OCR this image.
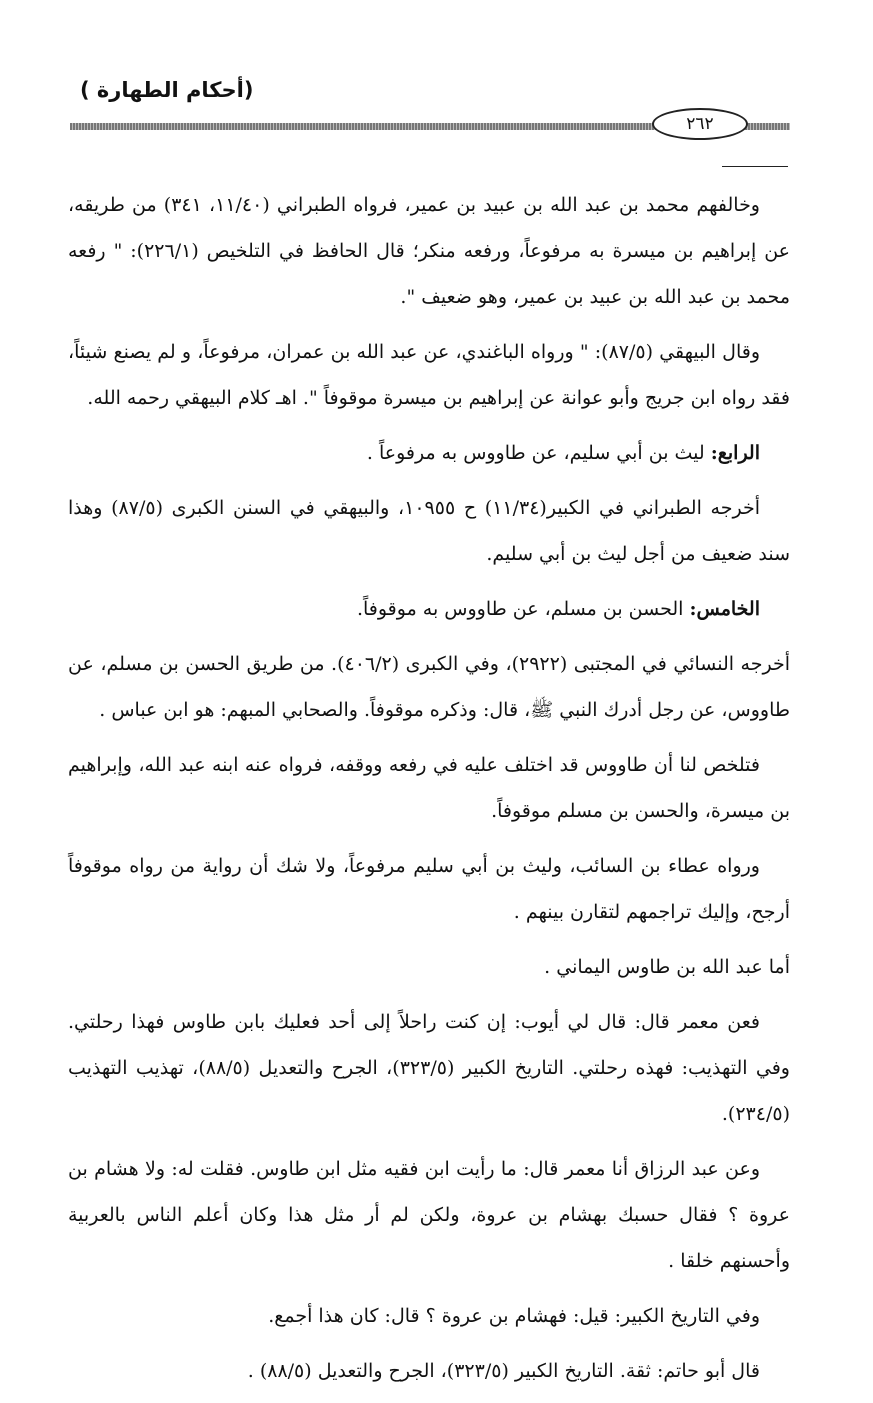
(أحكام الطهارة )
٢٦٢

وخالفهم محمد بن عبد الله بن عبيد بن عمير، فرواه الطبراني (١١/٤٠، ٣٤١) من طريقه، عن إبراهيم بن ميسرة به مرفوعاً، ورفعه منكر؛ قال الحافظ في التلخيص (٢٢٦/١): " رفعه محمد بن عبد الله بن عبيد بن عمير، وهو ضعيف ".

وقال البيهقي (٨٧/٥): " ورواه الباغندي، عن عبد الله بن عمران، مرفوعاً، و لم يصنع شيئاً، فقد رواه ابن جريج وأبو عوانة عن إبراهيم بن ميسرة موقوفاً ". اهـ كلام البيهقي رحمه الله.

الرابع: ليث بن أبي سليم، عن طاووس به مرفوعاً .

أخرجه الطبراني في الكبير(١١/٣٤) ح ١٠٩٥٥، والبيهقي في السنن الكبرى (٨٧/٥) وهذا سند ضعيف من أجل ليث بن أبي سليم.

الخامس: الحسن بن مسلم، عن طاووس به موقوفاً.

أخرجه النسائي في المجتبى (٢٩٢٢)، وفي الكبرى (٤٠٦/٢). من طريق الحسن بن مسلم، عن طاووس، عن رجل أدرك النبي ﷺ، قال: وذكره موقوفاً. والصحابي المبهم: هو ابن عباس .

فتلخص لنا أن طاووس قد اختلف عليه في رفعه ووقفه، فرواه عنه ابنه عبد الله، وإبراهيم بن ميسرة، والحسن بن مسلم موقوفاً.

ورواه عطاء بن السائب، وليث بن أبي سليم مرفوعاً، ولا شك أن رواية من رواه موقوفاً أرجح، وإليك تراجمهم لتقارن بينهم .

أما عبد الله بن طاوس اليماني .

فعن معمر قال: قال لي أيوب: إن كنت راحلاً إلى أحد فعليك بابن طاوس فهذا رحلتي. وفي التهذيب: فهذه رحلتي. التاريخ الكبير (٣٢٣/٥)، الجرح والتعديل (٨٨/٥)، تهذيب التهذيب (٢٣٤/٥).

وعن عبد الرزاق أنا معمر قال: ما رأيت ابن فقيه مثل ابن طاوس. فقلت له: ولا هشام بن عروة ؟ فقال حسبك بهشام بن عروة، ولكن لم أر مثل هذا وكان أعلم الناس بالعربية وأحسنهم خلقا .

وفي التاريخ الكبير: قيل: فهشام بن عروة ؟ قال: كان هذا أجمع.

قال أبو حاتم: ثقة. التاريخ الكبير (٣٢٣/٥)، الجرح والتعديل (٨٨/٥) .
